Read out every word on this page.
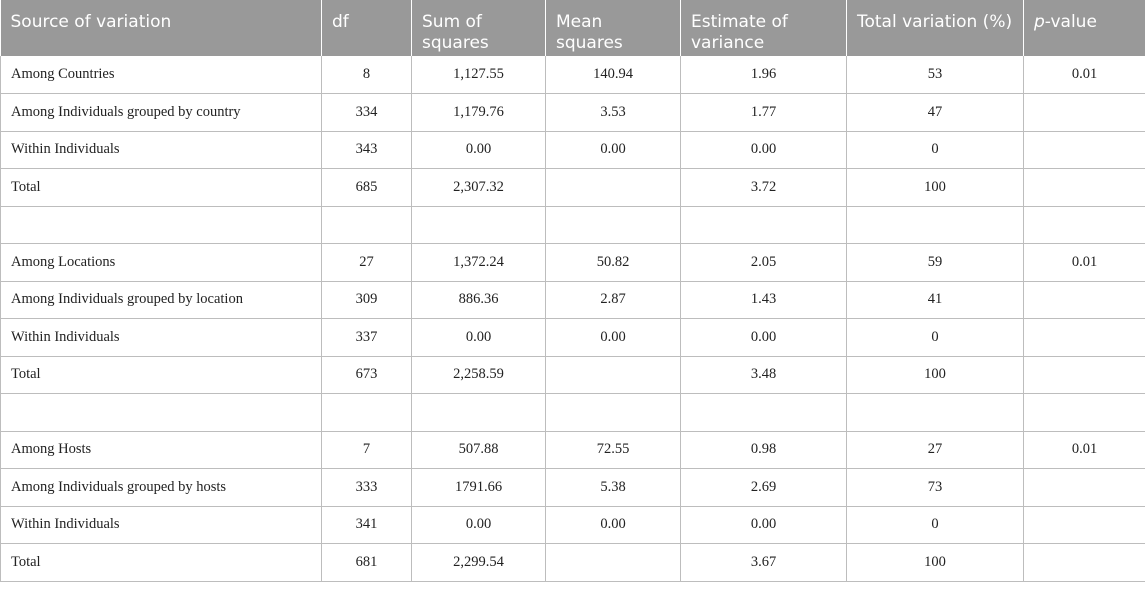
Source of variation	df	Sum of squares	Mean squares	Estimate of variance	Total variation (%)	p-value
Among Countries	8	1,127.55	140.94	1.96	53	0.01
Among Individuals grouped by country	334	1,179.76	3.53	1.77	47	
Within Individuals	343	0.00	0.00	0.00	0	
Total	685	2,307.32		3.72	100	

Among Locations	27	1,372.24	50.82	2.05	59	0.01
Among Individuals grouped by location	309	886.36	2.87	1.43	41	
Within Individuals	337	0.00	0.00	0.00	0	
Total	673	2,258.59		3.48	100	

Among Hosts	7	507.88	72.55	0.98	27	0.01
Among Individuals grouped by hosts	333	1791.66	5.38	2.69	73	
Within Individuals	341	0.00	0.00	0.00	0	
Total	681	2,299.54		3.67	100	
